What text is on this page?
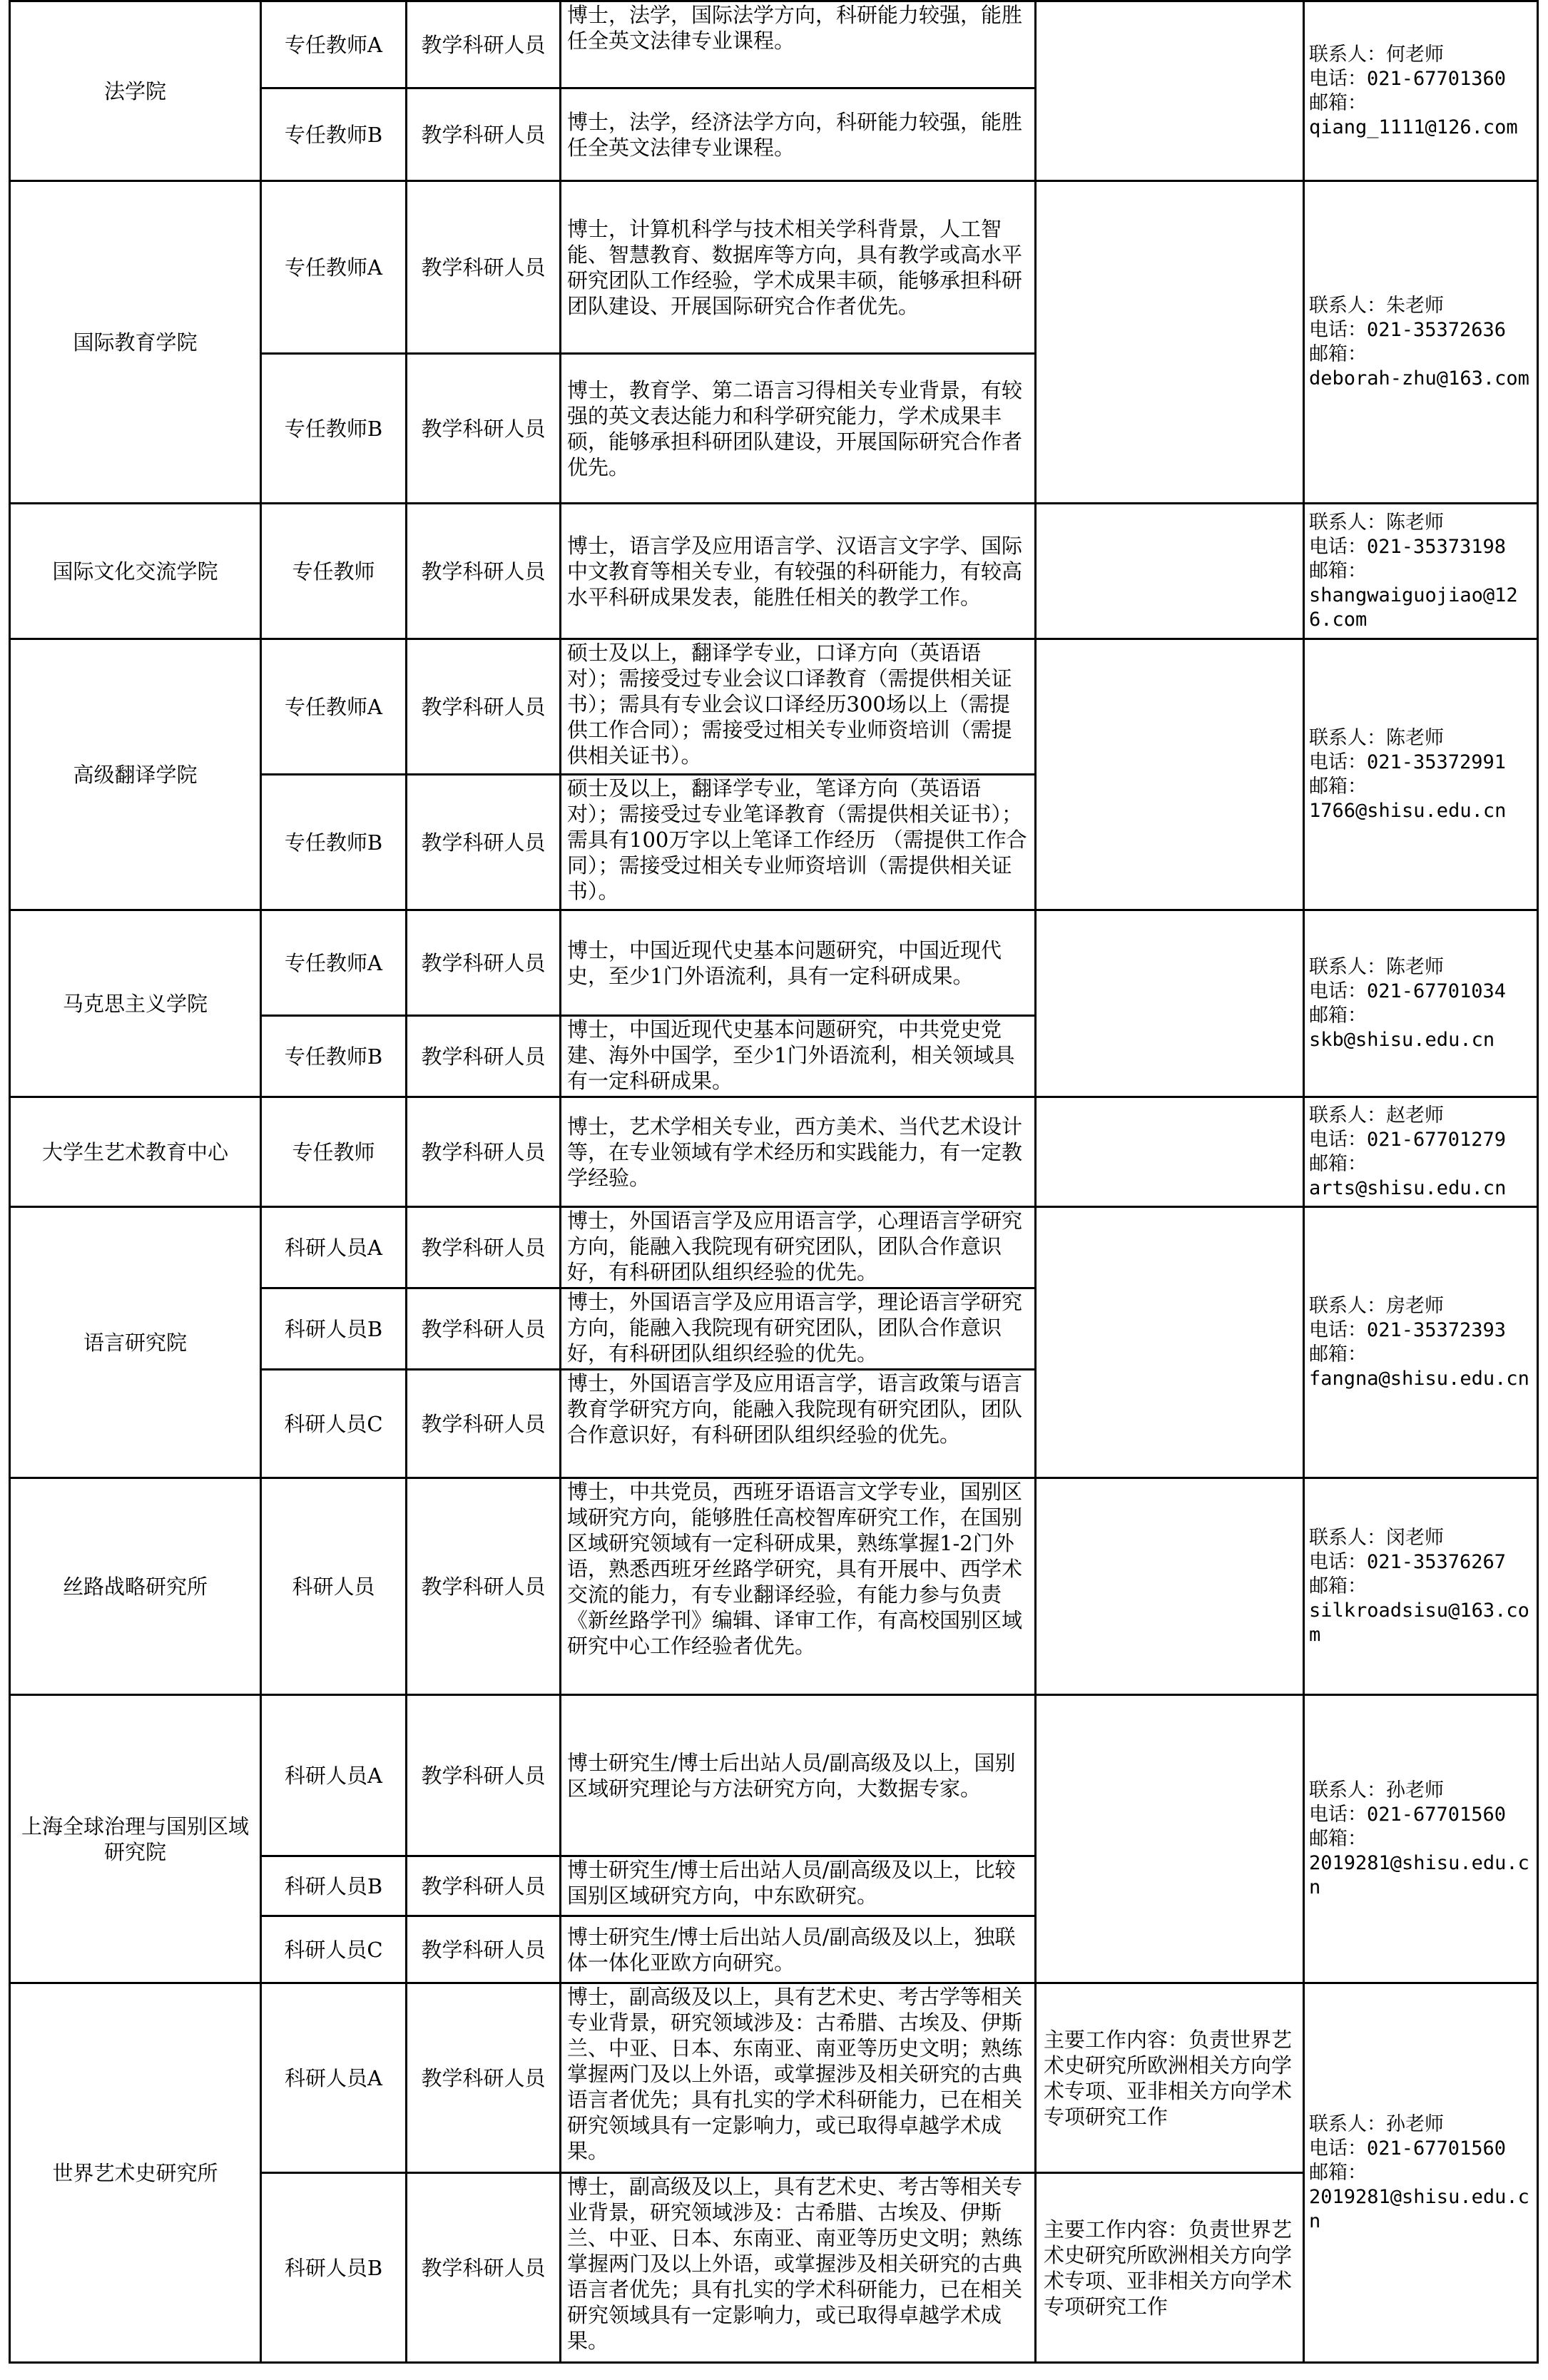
法学院	专任教师A	教学科研人员	博士，法学，国际法学方向，科研能力较强，能胜任全英文法律专业课程。		联系人：何老师
电话：021-67701360
邮箱：
qiang_1111@126.com

	专任教师B	教学科研人员	博士，法学，经济法学方向，科研能力较强，能胜任全英文法律专业课程。		
国际教育学院	专任教师A	教学科研人员	博士，计算机科学与技术相关学科背景，人工智能、智慧教育、数据库等方向，具有教学或高水平研究团队工作经验，学术成果丰硕，能够承担科研团队建设、开展国际研究合作者优先。		联系人：朱老师
电话：021-35372636
邮箱：
deborah-zhu@163.com

	专任教师B	教学科研人员	博士，教育学、第二语言习得相关专业背景，有较强的英文表达能力和科学研究能力，学术成果丰硕，能够承担科研团队建设，开展国际研究合作者优先。		
国际文化交流学院	专任教师	教学科研人员	博士，语言学及应用语言学、汉语言文字学、国际中文教育等相关专业，有较强的科研能力，有较高水平科研成果发表，能胜任相关的教学工作。		联系人：陈老师
电话：021-35373198
邮箱：
shangwaiguojiao@126.com

高级翻译学院	专任教师A	教学科研人员	硕士及以上，翻译学专业，口译方向（英语语对）；需接受过专业会议口译教育（需提供相关证书）；需具有专业会议口译经历300场以上（需提供工作合同）；需接受过相关专业师资培训（需提供相关证书）。		联系人：陈老师
电话：021-35372991
邮箱：
1766@shisu.edu.cn

	专任教师B	教学科研人员	硕士及以上，翻译学专业，笔译方向（英语语对）；需接受过专业笔译教育（需提供相关证书）；需具有100万字以上笔译工作经历 （需提供工作合同）；需接受过相关专业师资培训（需提供相关证书）。		
马克思主义学院	专任教师A	教学科研人员	博士，中国近现代史基本问题研究，中国近现代史，至少1门外语流利，具有一定科研成果。		联系人：陈老师
电话：021-67701034
邮箱：
skb@shisu.edu.cn

	专任教师B	教学科研人员	博士，中国近现代史基本问题研究，中共党史党建、海外中国学，至少1门外语流利，相关领域具有一定科研成果。		
大学生艺术教育中心	专任教师	教学科研人员	博士，艺术学相关专业，西方美术、当代艺术设计等，在专业领域有学术经历和实践能力，有一定教学经验。		联系人：赵老师
电话：021-67701279
邮箱：
arts@shisu.edu.cn

语言研究院	科研人员A	教学科研人员	博士，外国语言学及应用语言学，心理语言学研究方向，能融入我院现有研究团队，团队合作意识好，有科研团队组织经验的优先。		联系人：房老师
电话：021-35372393
邮箱：
fangna@shisu.edu.cn

	科研人员B	教学科研人员	博士，外国语言学及应用语言学，理论语言学研究方向，能融入我院现有研究团队，团队合作意识好，有科研团队组织经验的优先。		
	科研人员C	教学科研人员	博士，外国语言学及应用语言学，语言政策与语言教育学研究方向，能融入我院现有研究团队，团队合作意识好，有科研团队组织经验的优先。		
丝路战略研究所	科研人员	教学科研人员	博士，中共党员，西班牙语语言文学专业，国别区域研究方向，能够胜任高校智库研究工作，在国别区域研究领域有一定科研成果，熟练掌握1-2门外语，熟悉西班牙丝路学研究，具有开展中、西学术交流的能力，有专业翻译经验，有能力参与负责《新丝路学刊》编辑、译审工作，有高校国别区域研究中心工作经验者优先。		联系人：闵老师
电话：021-35376267
邮箱：
silkroadsisu@163.com

上海全球治理与国别区域研究院	科研人员A	教学科研人员	博士研究生/博士后出站人员/副高级及以上，国别区域研究理论与方法研究方向，大数据专家。		联系人：孙老师
电话：021-67701560
邮箱：
2019281@shisu.edu.cn

	科研人员B	教学科研人员	博士研究生/博士后出站人员/副高级及以上，比较国别区域研究方向，中东欧研究。		
	科研人员C	教学科研人员	博士研究生/博士后出站人员/副高级及以上，独联体一体化亚欧方向研究。		
世界艺术史研究所	科研人员A	教学科研人员	博士，副高级及以上，具有艺术史、考古学等相关专业背景，研究领域涉及：古希腊、古埃及、伊斯兰、中亚、日本、东南亚、南亚等历史文明；熟练掌握两门及以上外语，或掌握涉及相关研究的古典语言者优先；具有扎实的学术科研能力，已在相关研究领域具有一定影响力，或已取得卓越学术成果。	主要工作内容：负责世界艺术史研究所欧洲相关方向学术专项、亚非相关方向学术专项研究工作	联系人：孙老师
电话：021-67701560
邮箱：
2019281@shisu.edu.cn

	科研人员B	教学科研人员	博士，副高级及以上，具有艺术史、考古等相关专业背景，研究领域涉及：古希腊、古埃及、伊斯兰、中亚、日本、东南亚、南亚等历史文明；熟练掌握两门及以上外语，或掌握涉及相关研究的古典语言者优先；具有扎实的学术科研能力，已在相关研究领域具有一定影响力，或已取得卓越学术成果。	主要工作内容：负责世界艺术史研究所欧洲相关方向学术专项、亚非相关方向学术专项研究工作	
